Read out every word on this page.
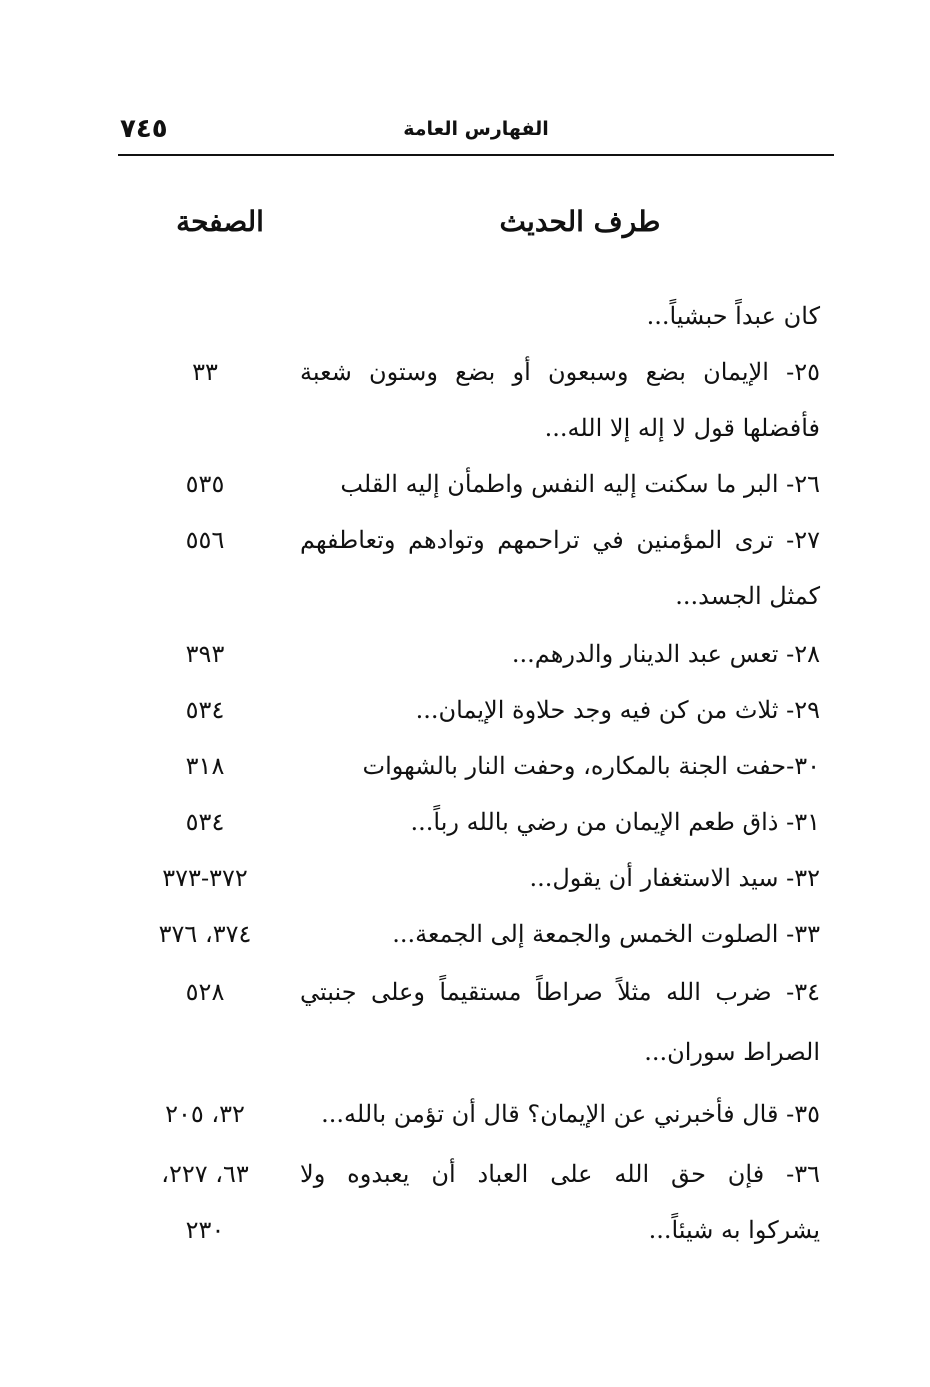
٧٤٥	الفهارس العامة
طرف الحديث
الصفحة
كان عبداً حبشياً...
٢٥- الإيمان بضع وسبعون أو بضع وستون شعبة
٣٣
فأفضلها قول لا إله إلا الله...
٢٦- البر ما سكنت إليه النفس واطمأن إليه القلب
٥٣٥
٢٧- ترى المؤمنين في تراحمهم وتوادهم وتعاطفهم
٥٥٦
كمثل الجسد...
٢٨- تعس عبد الدينار والدرهم...
٣٩٣
٢٩- ثلاث من كن فيه وجد حلاوة الإيمان...
٥٣٤
٣٠-حفت الجنة بالمكاره، وحفت النار بالشهوات
٣١٨
٣١- ذاق طعم الإيمان من رضي بالله رباً...
٥٣٤
٣٢- سيد الاستغفار أن يقول...
٣٧٢-٣٧٣
٣٣- الصلوت الخمس والجمعة إلى الجمعة...
٣٧٤، ٣٧٦
٣٤- ضرب الله مثلاً صراطاً مستقيماً وعلى جنبتي
٥٢٨
الصراط سوران...
٣٥- قال فأخبرني عن الإيمان؟ قال أن تؤمن بالله...
٣٢، ٢٠٥
٣٦- فإن حق الله على العباد أن يعبدوه ولا
٦٣، ٢٢٧،
يشركوا به شيئاً...
٢٣٠
